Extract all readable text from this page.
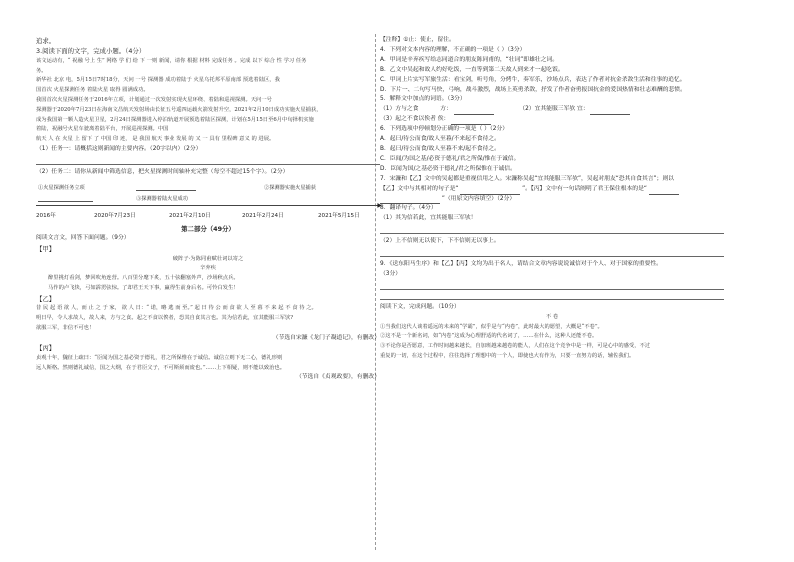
追求。

3.阅读下面的文字，完成小题。（4分）

该文运动有，“ 祝融 号上 生” 网络 学 们 给 下 一则 新闻，请你 根据 材料 完成任务 。完成 以下 综合 性 学习 任务

务。

新华社 北京 电，5月15日7时18分，天问 一号 探测器 成功着陆于 火星乌托邦平原南部 预选着陆区，我

国首次 火星探测任务 着陆火星 取得 圆满成功。

我国首次火星探测任务于2016年立项，计划通过一次发射实现火星环绕、着陆和巡视探测。天问一号

探测器于2020年7月23日在海南文昌航天发射场由长征五号遥四运载火箭发射升空，2021年2月10日成功实施火星捕获，

成为我国第一颗人造火星卫星，2月24日探测器进入停泊轨道开展预选着陆区探测，计划在5月15日至6月中旬择机实施

着陆，祝融号火星车驶离着陆平台，开展巡视探测。中国

航天 人 在 火星 上 留下 了 中国 印 迹， 是 我国 航天 事业 发展 的 又 一 具有 里程碑 意义 的 进展。

（1）任务一：请概括这则新闻的主要内容。（20字以内）（2分）

（2）任务二：请你从新闻中筛选信息，把火星探测时间轴补充完整（每空不超过15个字）。（2分）

①火星探测任务立项	②探测器实施火星捕获
③探测器着陆火星成功
▶
2016年	2020年7月23日	2021年2月10日	2021年2月24日	2021年5月15日

第二部分（49分）

阅读文言文，回答下面问题。（9分）

【甲】

破阵子·为陈同甫赋壮词以寄之

辛弃疾

醉里挑灯看剑，梦回吹角连营。八百里分麾下炙，五十弦翻塞外声，沙场秋点兵。

马作的卢飞快，弓如霹雳弦惊。了却君王天下事，赢得生前身后名。可怜白发生！

【乙】

昔 民 起 语 欲 人，而 止 之 于 家， 欲 人 日：“ 诺，略 逃 而 至。” 起 曰 待 公 而 食 欲 人 至 暮 不 来 起 不 食 待 之。

明日早，令人求故人，故人来，方与之食。起之不食以俟者，恐其自食其言也。其为信若此，宜其能服三军欤?

欲服三军，非信不可也！

（节选自宋濂《龙门子凝道记》，有删改）

【丙】

贞观十年，魏征上疏曰：“臣闻为国之基必资于德礼，君之所保惟在于诚信。诚信立则下无二心，德礼形则

远人斯格。然则德礼诚信，国之大纲，在于君臣父子，不可斯须而废也。”……上下相疑，则不能以致治也。

（节选自《贞观政要》，有删改）

【注释】①止：使止，留住。

4．下列对文本内容的理解，不正确的一项是（ ）（3分）

A．甲词是辛弃疾写给志同道合的朋友陈同甫的，“壮词”即雄壮之词。

B．乙文中吴起和故人约好吃饭，一直等到第二天故人到来才一起吃饭。

C．甲词上片实写军旅生活：看宝剑，听号角，分烤牛，奏军乐，沙场点兵，表达了作者对抗金杀敌生活和往事的追忆。

D．下片一、二句写马快，弓响，战斗激烈，战场上英勇杀敌，抒发了作者奋勇报国抗金的爱国热情和壮志难酬的悲愤。

5．解释文中加点的词语。（3分）

（1）方与之食	方：	（2）宜其能服三军欤 宜：

（3）起之不食以俟者 俟：

6．下列选项中停顿划分正确的一项是（ ）（2分）

A．起曰/待公而食/故人至暮/不来起不食待之。

B．起曰/待公而食/故人至暮不来/起不食待之。

C．臣闻/为国之基/必资于德礼/君之所保/惟在于诚信。

D．臣闻为国/之基必资于德礼/君之所保惟在于诚信。

7．宋濂和【乙】文中的吴起都是重视信用之人。宋濂称吴起“宜其能服三军欤”，吴起对朋友“恐其自食其言”；则以

【乙】文中与其相对的句子是“	”。【丙】文中有一句话阐明了君王保住根本的是“

”（用原文内容填空）（2分）

8．翻译句子。（4分）

（1）其为信若此，宜其能服三军欤！

（2）上不信则无以使下，下不信则无以事上。

9．《送东阳马生序》和【乙】【丙】文均为出于名人，请结合文章内容说说诚信对于个人、对于国家的重要性。

（3分）

阅读下文，完成问题。（10分）

不 卷

①当我们这代人谈着遥远的未来的“学霸”，似乎是与“内卷”，此时最大的愿望，大概是“不卷”。

②这不是一个新名词，如“内卷”这成为心理舒适的代名词了，……在什么，这种人还能不卷。

③不论你是否愿意，工作时间越来越长，自加班越来越卷的能人，人们在这个竞争中是一样，可是心中的感受，不过

重复的一切，在这个过程中，往往选择了理想中的一个人，即使也大有作为，只要一直努力的话，辅佐我们。
